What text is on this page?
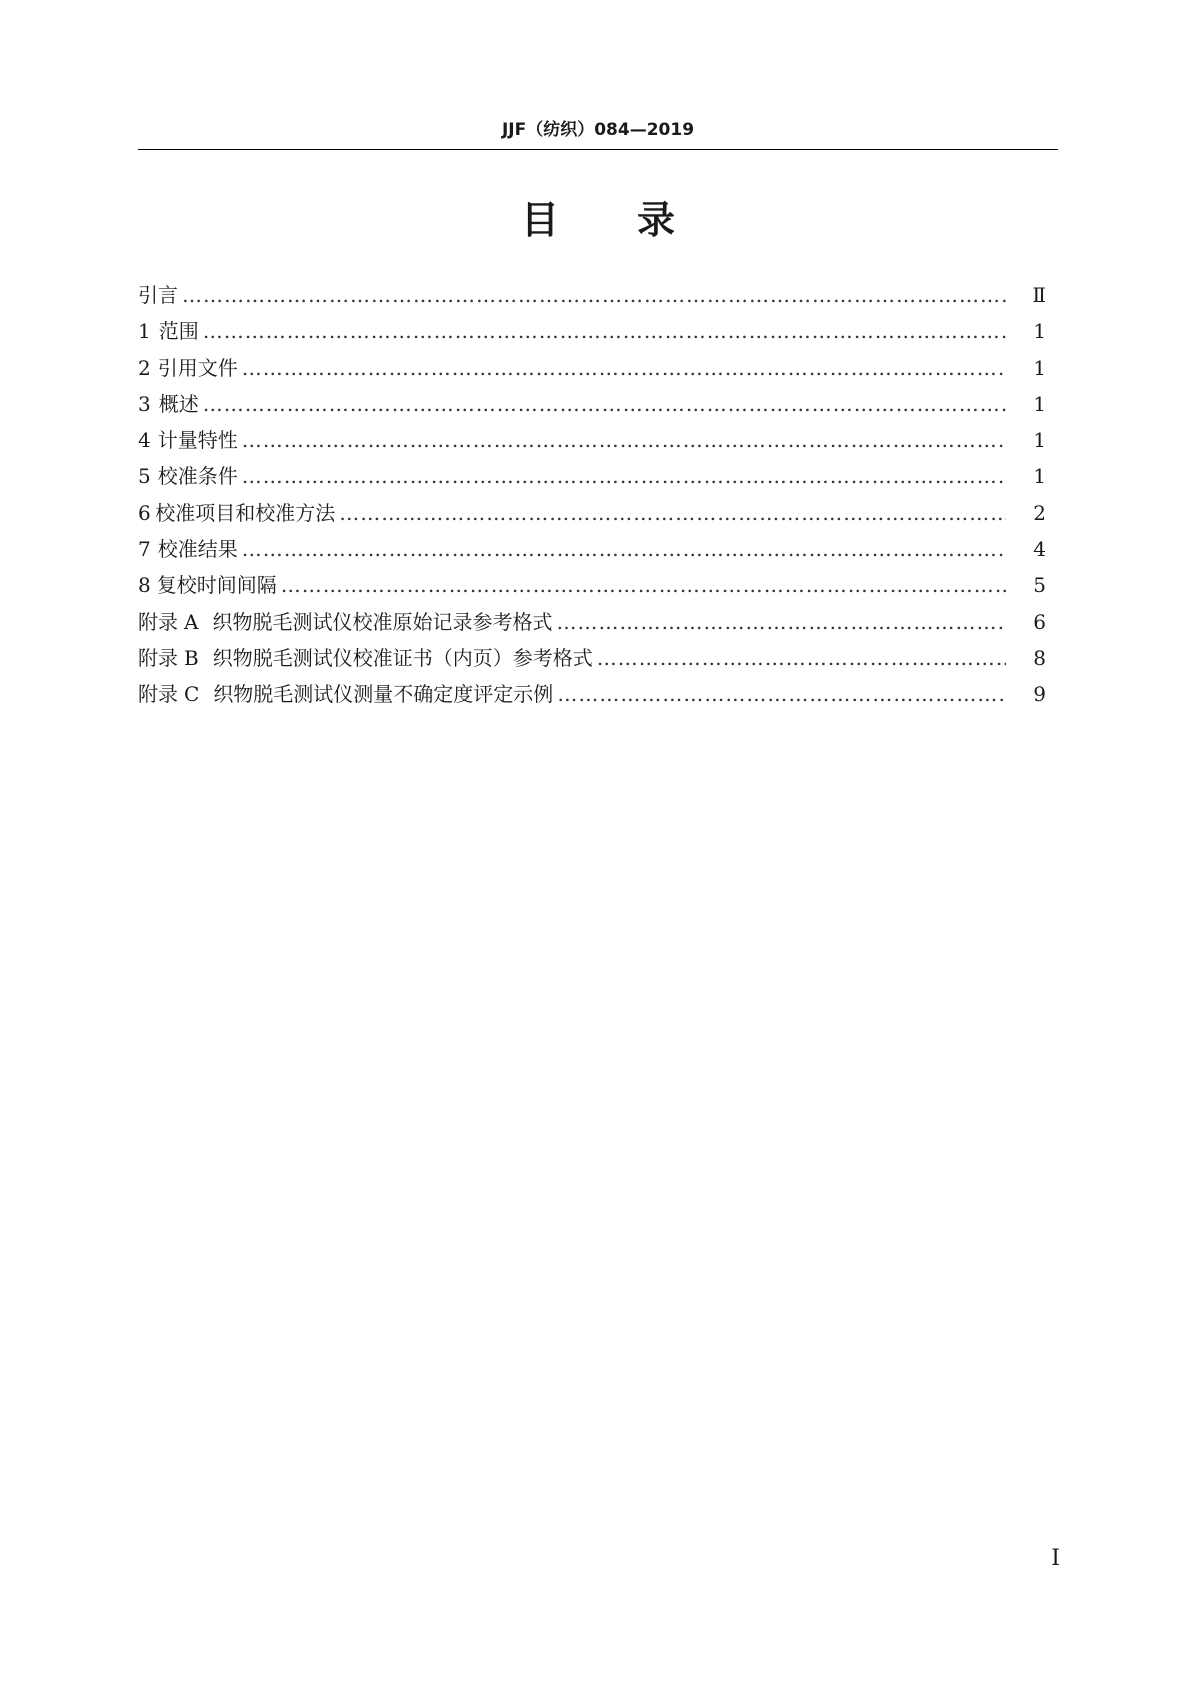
JJF（纺织）084—2019
目录
引言 …………………………………………………………………………………………………………………………………………………………………………………………	Ⅱ
1 范围 …………………………………………………………………………………………………………………………………………………………………………………………	1
2 引用文件 …………………………………………………………………………………………………………………………………………………………………………………………	1
3 概述 …………………………………………………………………………………………………………………………………………………………………………………………	1
4 计量特性 …………………………………………………………………………………………………………………………………………………………………………………………	1
5 校准条件 …………………………………………………………………………………………………………………………………………………………………………………………	1
6 校准项目和校准方法 …………………………………………………………………………………………………………………………………………………………………………………………	2
7 校准结果 …………………………………………………………………………………………………………………………………………………………………………………………	4
8 复校时间间隔 …………………………………………………………………………………………………………………………………………………………………………………………	5
附录 A 织物脱毛测试仪校准原始记录参考格式 …………………………………………………………………………………………………………………………………………………………………………………………	6
附录 B 织物脱毛测试仪校准证书（内页）参考格式 …………………………………………………………………………………………………………………………………………………………………………………………	8
附录 C 织物脱毛测试仪测量不确定度评定示例 …………………………………………………………………………………………………………………………………………………………………………………………	9
Ⅰ
